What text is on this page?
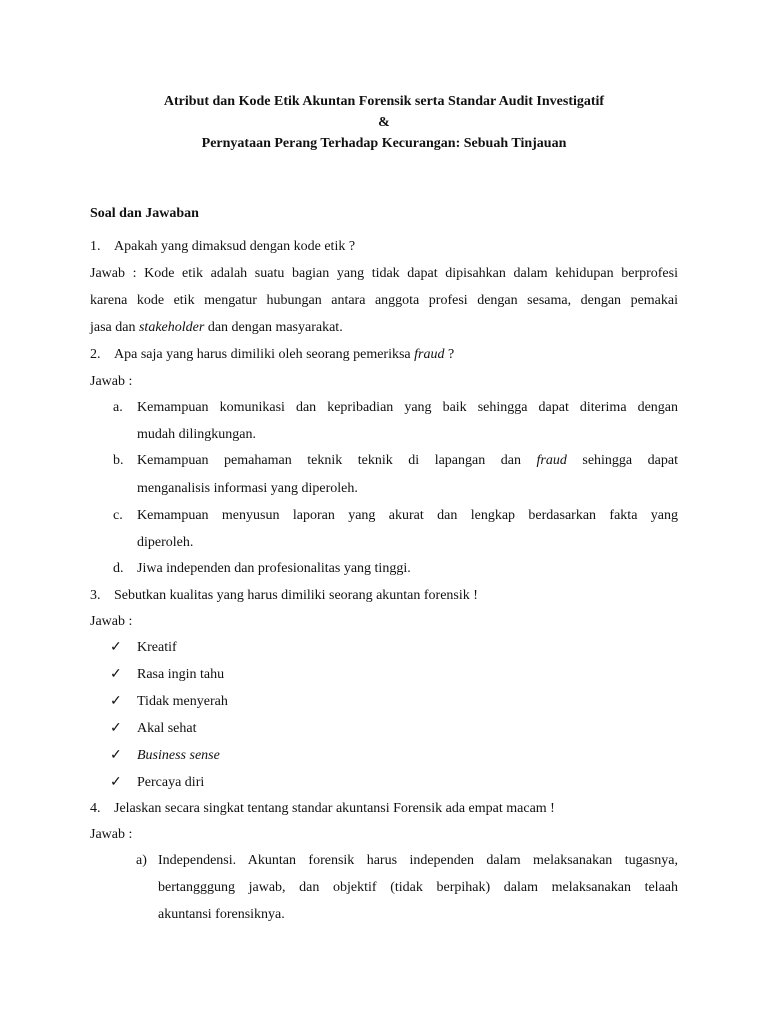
Atribut dan Kode Etik Akuntan Forensik serta Standar Audit Investigatif
&
Pernyataan Perang Terhadap Kecurangan: Sebuah Tinjauan
Soal dan Jawaban
1. Apakah yang dimaksud dengan kode etik ?
Jawab : Kode etik adalah suatu bagian yang tidak dapat dipisahkan dalam kehidupan berprofesi
karena kode etik mengatur hubungan antara anggota profesi dengan sesama, dengan pemakai
jasa dan stakeholder dan dengan masyarakat.
2. Apa saja yang harus dimiliki oleh seorang pemeriksa fraud ?
Jawab :
a. Kemampuan komunikasi dan kepribadian yang baik sehingga dapat diterima dengan
mudah dilingkungan.
b. Kemampuan pemahaman teknik teknik di lapangan dan fraud sehingga dapat
menganalisis informasi yang diperoleh.
c. Kemampuan menyusun laporan yang akurat dan lengkap berdasarkan fakta yang
diperoleh.
d. Jiwa independen dan profesionalitas yang tinggi.
3. Sebutkan kualitas yang harus dimiliki seorang akuntan forensik !
Jawab :
✓ Kreatif
✓ Rasa ingin tahu
✓ Tidak menyerah
✓ Akal sehat
✓ Business sense
✓ Percaya diri
4. Jelaskan secara singkat tentang standar akuntansi Forensik ada empat macam !
Jawab :
a) Independensi. Akuntan forensik harus independen dalam melaksanakan tugasnya,
bertangggung jawab, dan objektif (tidak berpihak) dalam melaksanakan telaah
akuntansi forensiknya.
